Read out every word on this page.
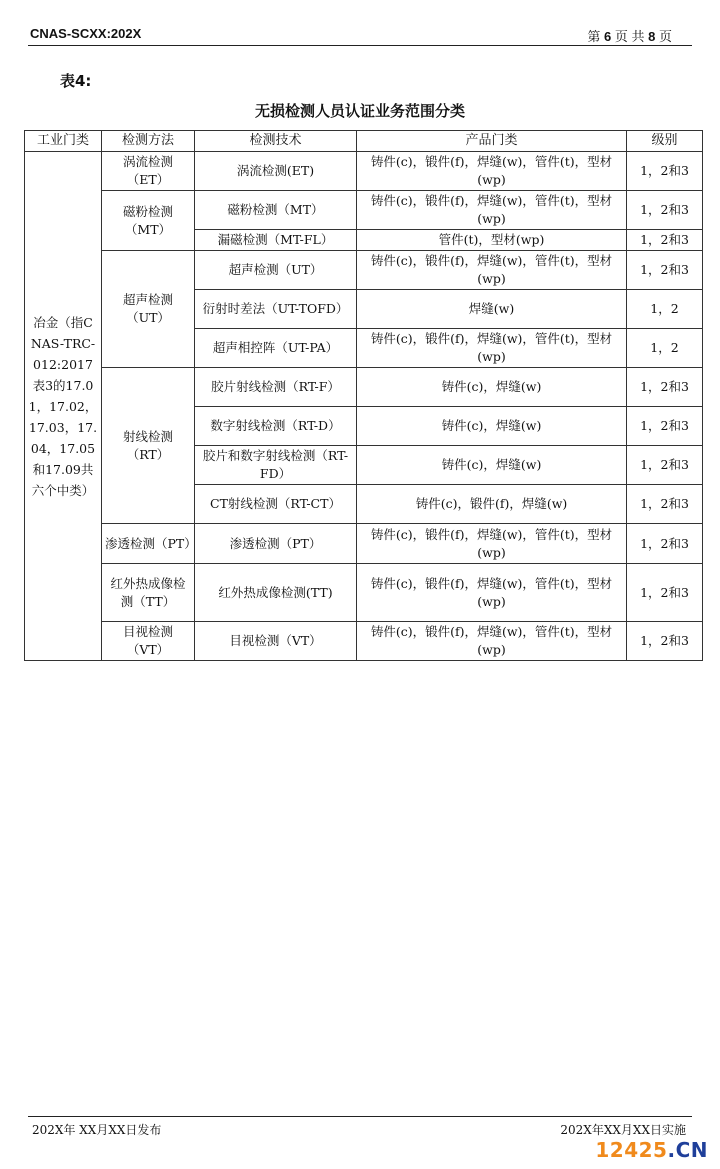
CNAS-SCXX:202X	第 6 页 共 8 页
表4:
无损检测人员认证业务范围分类
工业门类	检测方法	检测技术	产品门类	级别
冶金（指CNAS-TRC-012:2017表3的17.01，17.02，17.03，17.04，17.05和17.09共六个中类）	涡流检测（ET）	涡流检测(ET)	铸件(c)，锻件(f)，焊缝(w)，管件(t)，型材(wp)	1，2和3
	磁粉检测（MT）	磁粉检测（MT）	铸件(c)，锻件(f)，焊缝(w)，管件(t)，型材(wp)	1，2和3
		漏磁检测（MT-FL）	管件(t)，型材(wp)	1，2和3
	超声检测（UT）	超声检测（UT）	铸件(c)，锻件(f)，焊缝(w)，管件(t)，型材(wp)	1，2和3
		衍射时差法（UT-TOFD）	焊缝(w)	1，2
		超声相控阵（UT-PA）	铸件(c)，锻件(f)，焊缝(w)，管件(t)，型材(wp)	1，2
	射线检测（RT）	胶片射线检测（RT-F）	铸件(c)，焊缝(w)	1，2和3
		数字射线检测（RT-D）	铸件(c)，焊缝(w)	1，2和3
		胶片和数字射线检测（RT-FD）	铸件(c)，焊缝(w)	1，2和3
		CT射线检测（RT-CT）	铸件(c)，锻件(f)，焊缝(w)	1，2和3
	渗透检测（PT）	渗透检测（PT）	铸件(c)，锻件(f)，焊缝(w)，管件(t)，型材(wp)	1，2和3
	红外热成像检测（TT）	红外热成像检测(TT)	铸件(c)，锻件(f)，焊缝(w)，管件(t)，型材(wp)	1，2和3
	目视检测（VT）	目视检测（VT）	铸件(c)，锻件(f)，焊缝(w)，管件(t)，型材(wp)	1，2和3
202X年 XX月XX日发布	202X年XX月XX日实施
12425.CN
